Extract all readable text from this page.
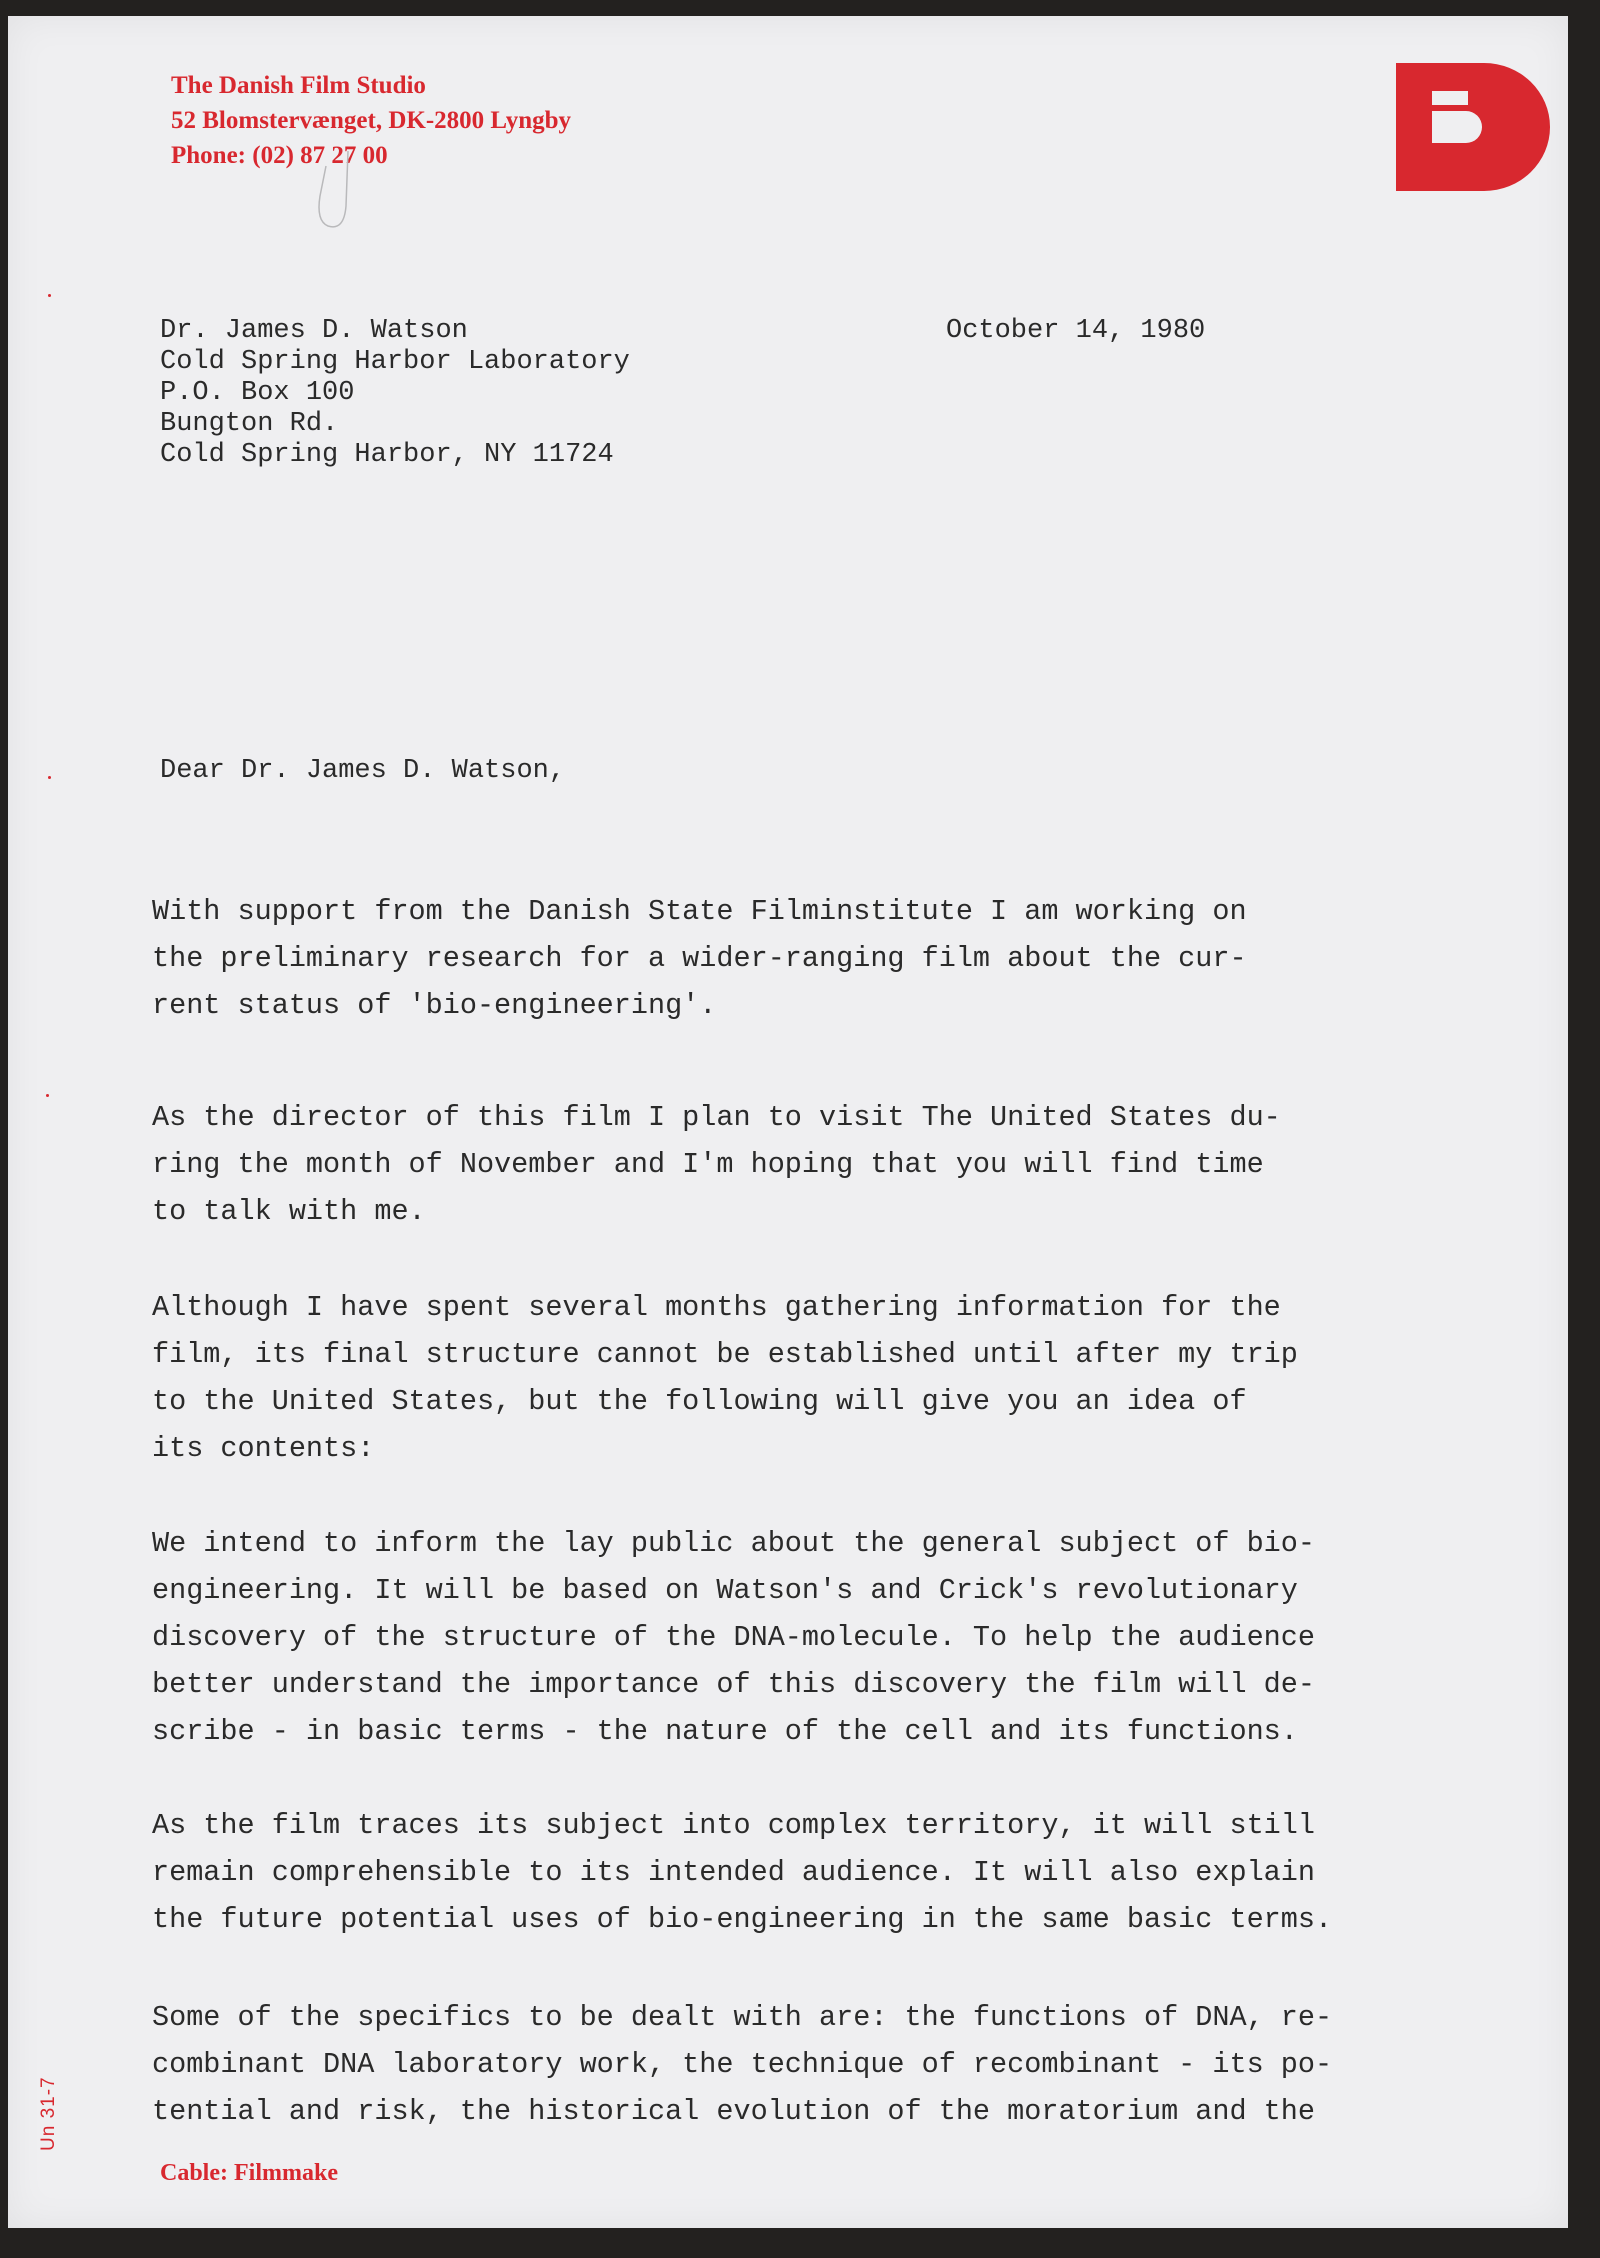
The Danish Film Studio
52 Blomstervænget, DK-2800 Lyngby
Phone: (02) 87 27 00
Dr. James D. Watson
Cold Spring Harbor Laboratory
P.O. Box 100
Bungton Rd.
Cold Spring Harbor, NY 11724
October 14, 1980
Dear Dr. James D. Watson,
With support from the Danish State Filminstitute I am working on
the preliminary research for a wider-ranging film about the cur-
rent status of 'bio-engineering'.
As the director of this film I plan to visit The United States du-
ring the month of November and I'm hoping that you will find time
to talk with me.
Although I have spent several months gathering information for the
film, its final structure cannot be established until after my trip
to the United States, but the following will give you an idea of
its contents:
We intend to inform the lay public about the general subject of bio-
engineering. It will be based on Watson's and Crick's revolutionary
discovery of the structure of the DNA-molecule. To help the audience
better understand the importance of this discovery the film will de-
scribe - in basic terms - the nature of the cell and its functions.
As the film traces its subject into complex territory, it will still
remain comprehensible to its intended audience. It will also explain
the future potential uses of bio-engineering in the same basic terms.
Some of the specifics to be dealt with are: the functions of DNA, re-
combinant DNA laboratory work, the technique of recombinant - its po-
tential and risk, the historical evolution of the moratorium and the
Un 31-7
Cable: Filmmake
